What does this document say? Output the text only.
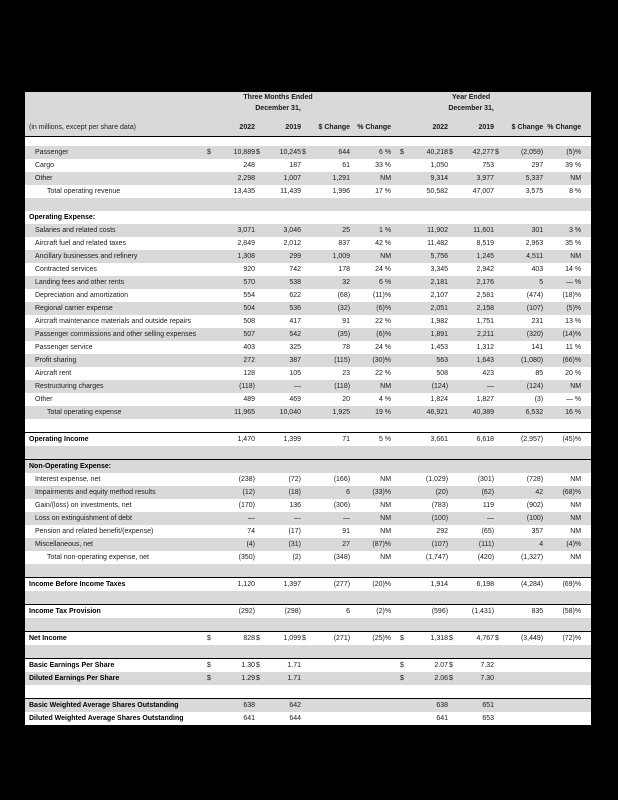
	Three Months Ended								Year Ended						
	December 31,								December 31,						
(in millions, except per share data)	2022		2019		$ Change		% Change		2022		2019		$ Change		% Change

Passenger	$	10,889	$	10,245	$	644	6 %		$	40,218	$	42,277	$	(2,059)	(5)%
Cargo		248		187		61	33 %			1,050		753		297	39 %
Other		2,298		1,007		1,291	NM			9,314		3,977		5,337	NM
Total operating revenue		13,435		11,439		1,996	17 %			50,582		47,007		3,575	8 %

Operating Expense:															
Salaries and related costs		3,071		3,046		25	1 %			11,902		11,601		301	3 %
Aircraft fuel and related taxes		2,849		2,012		837	42 %			11,482		8,519		2,963	35 %
Ancillary businesses and refinery		1,308		299		1,009	NM			5,756		1,245		4,511	NM
Contracted services		920		742		178	24 %			3,345		2,942		403	14 %
Landing fees and other rents		570		538		32	6 %			2,181		2,176		5	— %
Depreciation and amortization		554		622		(68)	(11)%			2,107		2,581		(474)	(18)%
Regional carrier expense		504		536		(32)	(6)%			2,051		2,158		(107)	(5)%
Aircraft maintenance materials and outside repairs		508		417		91	22 %			1,982		1,751		231	13 %
Passenger commissions and other selling expenses		507		542		(35)	(6)%			1,891		2,211		(320)	(14)%
Passenger service		403		325		78	24 %			1,453		1,312		141	11 %
Profit sharing		272		387		(115)	(30)%			563		1,643		(1,080)	(66)%
Aircraft rent		128		105		23	22 %			508		423		85	20 %
Restructuring charges		(118)		—		(118)	NM			(124)		—		(124)	NM
Other		489		469		20	4 %			1,824		1,827		(3)	— %
Total operating expense		11,965		10,040		1,925	19 %			46,921		40,389		6,532	16 %

Operating Income		1,470		1,399		71	5 %			3,661		6,618		(2,957)	(45)%

Non-Operating Expense:															
Interest expense, net		(238)		(72)		(166)	NM			(1,029)		(301)		(728)	NM
Impairments and equity method results		(12)		(18)		6	(33)%			(20)		(62)		42	(68)%
Gain/(loss) on investments, net		(170)		136		(306)	NM			(783)		119		(902)	NM
Loss on extinguishment of debt		—		—		—	NM			(100)		—		(100)	NM
Pension and related benefit/(expense)		74		(17)		91	NM			292		(65)		357	NM
Miscellaneous, net		(4)		(31)		27	(87)%			(107)		(111)		4	(4)%
Total non-operating expense, net		(350)		(2)		(348)	NM			(1,747)		(420)		(1,327)	NM

Income Before Income Taxes		1,120		1,397		(277)	(20)%			1,914		6,198		(4,284)	(69)%

Income Tax Provision		(292)		(298)		6	(2)%			(596)		(1,431)		835	(58)%

Net Income	$	828	$	1,099	$	(271)	(25)%		$	1,318	$	4,767	$	(3,449)	(72)%

Basic Earnings Per Share	$	1.30	$	1.71					$	2.07	$	7.32			
Diluted Earnings Per Share	$	1.29	$	1.71					$	2.06	$	7.30			

Basic Weighted Average Shares Outstanding		638		642						638		651			
Diluted Weighted Average Shares Outstanding		641		644						641		653			
